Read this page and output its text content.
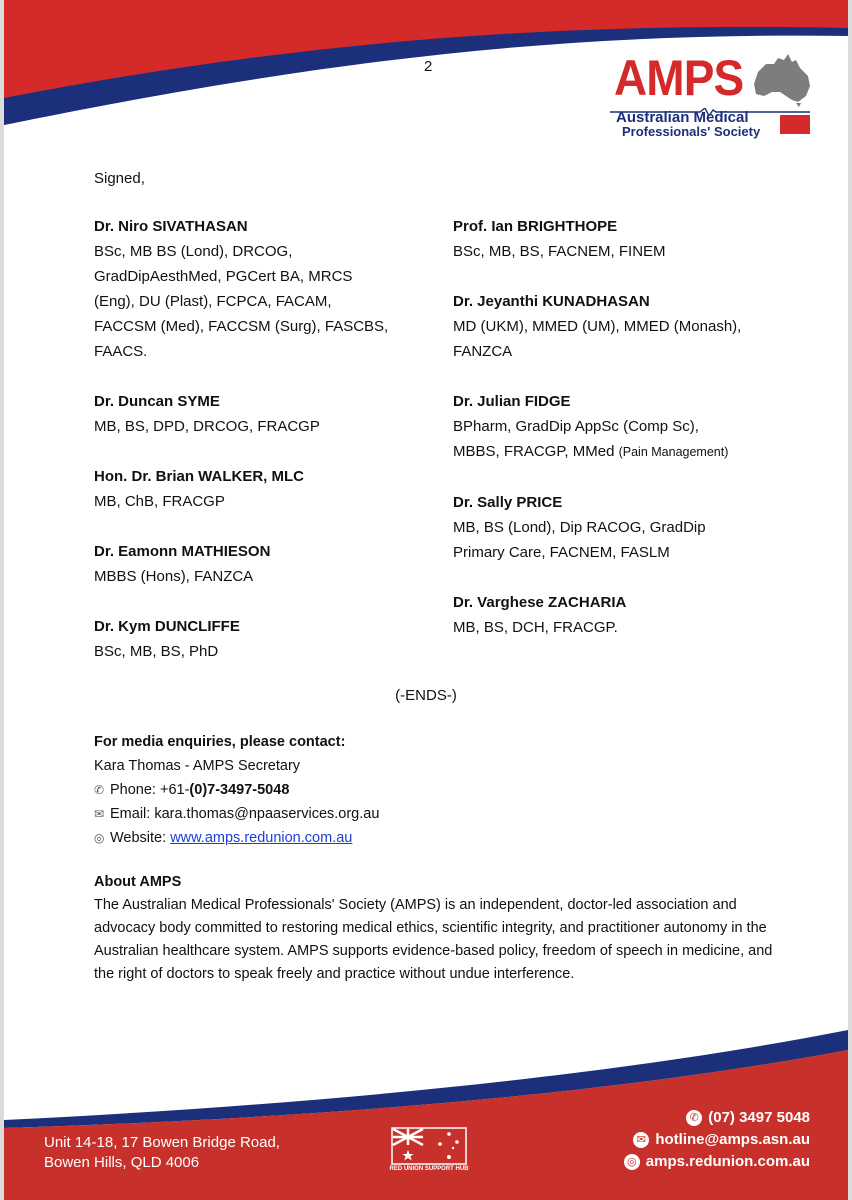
2	AMPS
Australian Medical
Professionals' Society
Signed,
Dr. Niro SIVATHASAN
BSc, MB BS (Lond), DRCOG,
GradDipAesthMed, PGCert BA, MRCS
(Eng), DU (Plast), FCPCA, FACAM,
FACCSM (Med), FACCSM (Surg), FASCBS,
FAACS.
Dr. Duncan SYME
MB, BS, DPD, DRCOG, FRACGP
Hon. Dr. Brian WALKER, MLC
MB, ChB, FRACGP
Dr. Eamonn MATHIESON
MBBS (Hons), FANZCA
Dr. Kym DUNCLIFFE
BSc, MB, BS, PhD
Prof. Ian BRIGHTHOPE
BSc, MB, BS, FACNEM, FINEM
Dr. Jeyanthi KUNADHASAN
MD (UKM), MMED (UM), MMED (Monash),
FANZCA
Dr. Julian FIDGE
BPharm, GradDip AppSc (Comp Sc),
MBBS, FRACGP, MMed (Pain Management)
Dr. Sally PRICE
MB, BS (Lond), Dip RACOG, GradDip
Primary Care, FACNEM, FASLM
Dr. Varghese ZACHARIA
MB, BS, DCH, FRACGP.
(-ENDS-)
For media enquiries, please contact:
Kara Thomas - AMPS Secretary
✆ Phone: +61-(0)7-3497-5048
✉ Email: kara.thomas@npaaservices.org.au
◎ Website: www.amps.redunion.com.au
About AMPS
The Australian Medical Professionals' Society (AMPS) is an independent, doctor-led association and advocacy body committed to restoring medical ethics, scientific integrity, and practitioner autonomy in the Australian healthcare system. AMPS supports evidence-based policy, freedom of speech in medicine, and the right of doctors to speak freely and practice without undue interference.
Unit 14-18, 17 Bowen Bridge Road,
Bowen Hills, QLD 4006	RED UNION SUPPORT HUB
✆ (07) 3497 5048
✉ hotline@amps.asn.au
◎ amps.redunion.com.au
